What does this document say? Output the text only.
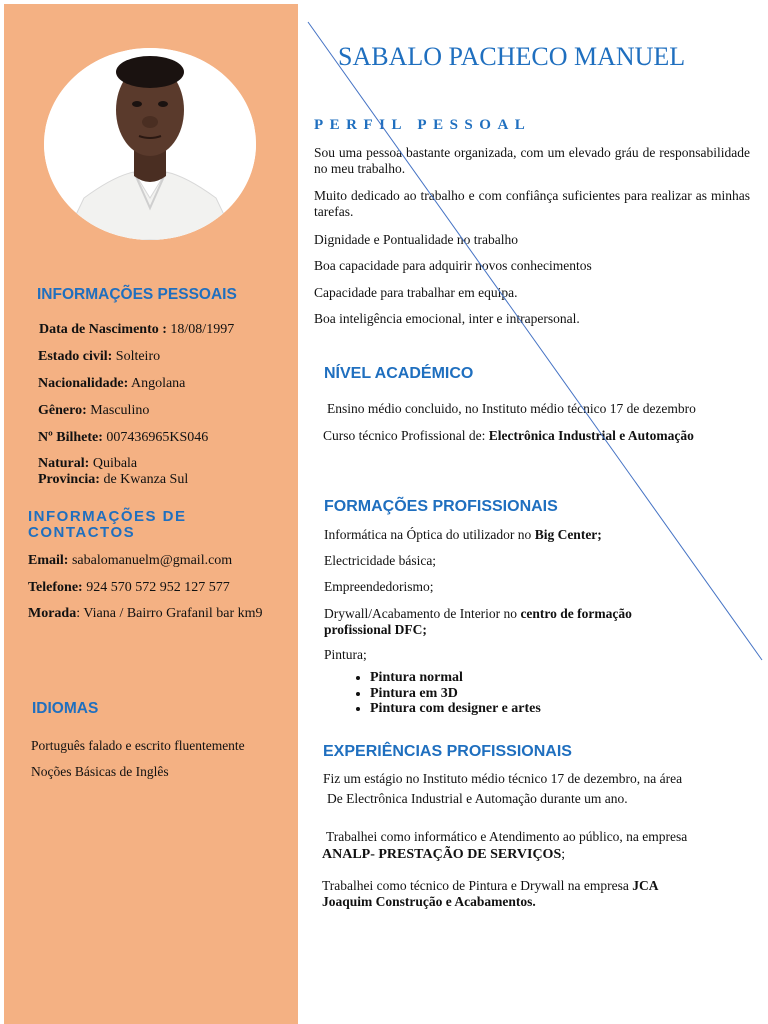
INFORMAÇÕES PESSOAIS
Data de Nascimento : 18/08/1997
Estado civil: Solteiro
Nacionalidade: Angolana
Gênero: Masculino
Nº Bilhete: 007436965KS046
Natural: Quibala
Provincia: de Kwanza Sul
INFORMAÇÕES DE CONTACTOS
Email: sabalomanuelm@gmail.com
Telefone: 924 570 572 952 127 577
Morada: Viana / Bairro Grafanil bar km9
IDIOMAS
Português falado e escrito fluentemente
Noções Básicas de Inglês
SABALO PACHECO MANUEL
PERFIL PESSOAL
Sou uma pessoa bastante organizada, com um elevado gráu de responsabilidade no meu trabalho.
Muito dedicado ao trabalho e com confiânça suficientes para realizar as minhas tarefas.
Dignidade e Pontualidade no trabalho
Boa capacidade para adquirir novos conhecimentos
Capacidade para trabalhar em equipa.
Boa inteligência emocional, inter e intrapersonal.
NÍVEL ACADÉMICO
Ensino médio concluido, no Instituto médio técnico 17 de dezembro
Curso técnico Profissional de: Electrônica Industrial e Automação
FORMAÇÕES PROFISSIONAIS
Informática na Óptica do utilizador no Big Center;
Electricidade básica;
Empreendedorismo;
Drywall/Acabamento de Interior no centro de formação
profissional DFC;
Pintura;
• Pintura normal
• Pintura em 3D
• Pintura com designer e artes
EXPERIÊNCIAS PROFISSIONAIS
Fiz um estágio no Instituto médio técnico 17 de dezembro, na área
De Electrônica Industrial e Automação durante um ano.
Trabalhei como informático e Atendimento ao público, na empresa
ANALP- PRESTAÇÃO DE SERVIÇOS;
Trabalhei como técnico de Pintura e Drywall na empresa JCA
Joaquim Construção e Acabamentos.
